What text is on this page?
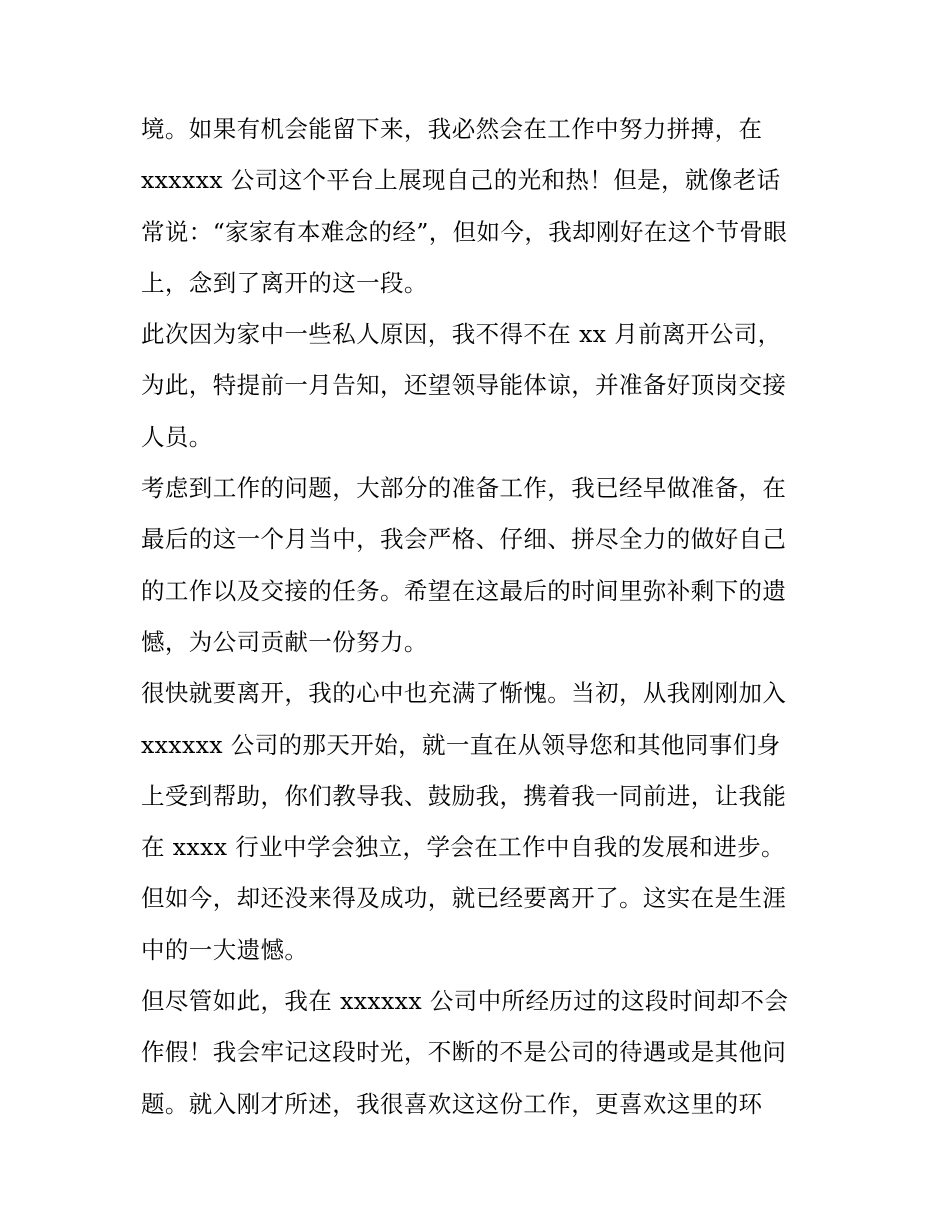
境。如果有机会能留下来，我必然会在工作中努力拼搏，在
xxxxxx 公司这个平台上展现自己的光和热！但是，就像老话
常说：“家家有本难念的经”，但如今，我却刚好在这个节骨眼
上，念到了离开的这一段。
此次因为家中一些私人原因，我不得不在 xx 月前离开公司，
为此，特提前一月告知，还望领导能体谅，并准备好顶岗交接
人员。
考虑到工作的问题，大部分的准备工作，我已经早做准备，在
最后的这一个月当中，我会严格、仔细、拼尽全力的做好自己
的工作以及交接的任务。希望在这最后的时间里弥补剩下的遗
憾，为公司贡献一份努力。
很快就要离开，我的心中也充满了惭愧。当初，从我刚刚加入
xxxxxx 公司的那天开始，就一直在从领导您和其他同事们身
上受到帮助，你们教导我、鼓励我，携着我一同前进，让我能
在 xxxx 行业中学会独立，学会在工作中自我的发展和进步。
但如今，却还没来得及成功，就已经要离开了。这实在是生涯
中的一大遗憾。
但尽管如此，我在 xxxxxx 公司中所经历过的这段时间却不会
作假！我会牢记这段时光，不断的不是公司的待遇或是其他问
题。就入刚才所述，我很喜欢这这份工作，更喜欢这里的环
